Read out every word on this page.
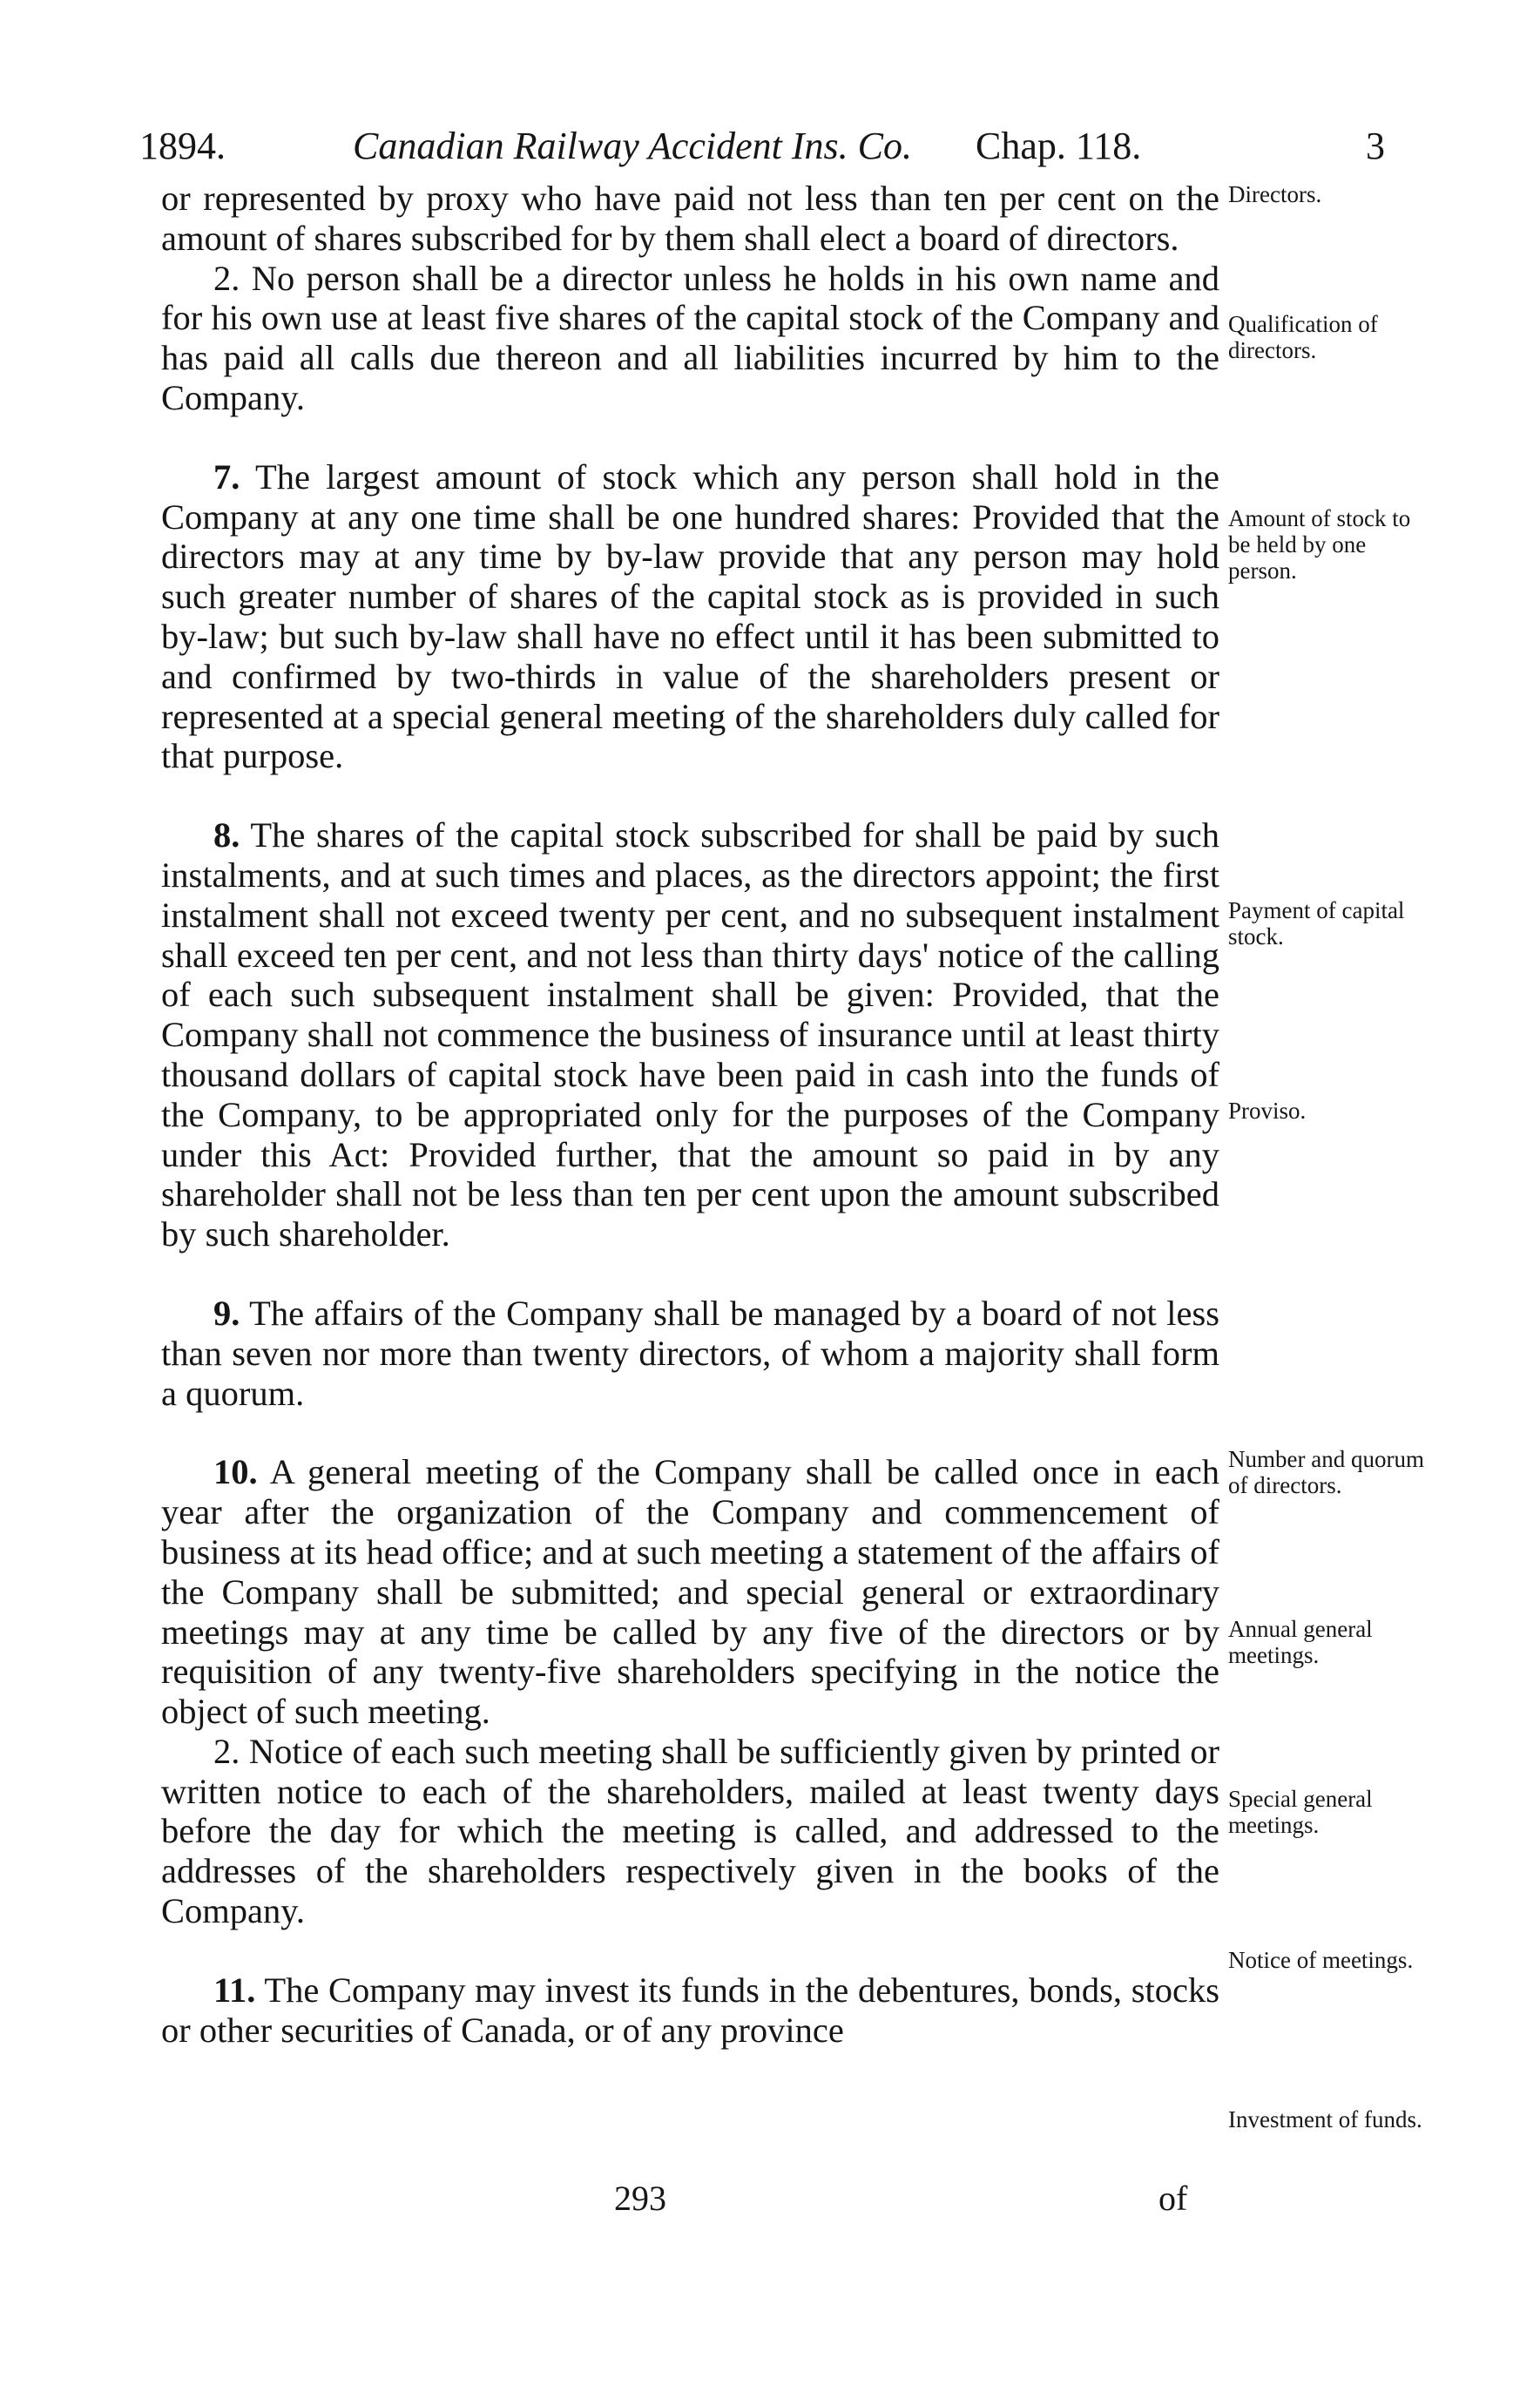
1894.	Canadian Railway Accident Ins. Co. Chap. 118.	3

or represented by proxy who have paid not less than ten per cent on the amount of shares subscribed for by them shall elect a board of directors.

2. No person shall be a director unless he holds in his own name and for his own use at least five shares of the capital stock of the Company and has paid all calls due thereon and all liabilities incurred by him to the Company.

7. The largest amount of stock which any person shall hold in the Company at any one time shall be one hundred shares: Provided that the directors may at any time by by-law provide that any person may hold such greater number of shares of the capital stock as is provided in such by-law; but such by-law shall have no effect until it has been submitted to and confirmed by two-thirds in value of the shareholders present or represented at a special general meeting of the shareholders duly called for that purpose.

8. The shares of the capital stock subscribed for shall be paid by such instalments, and at such times and places, as the directors appoint; the first instalment shall not exceed twenty per cent, and no subsequent instalment shall exceed ten per cent, and not less than thirty days' notice of the calling of each such subsequent instalment shall be given: Provided, that the Company shall not commence the business of insurance until at least thirty thousand dollars of capital stock have been paid in cash into the funds of the Company, to be appropriated only for the purposes of the Company under this Act: Provided further, that the amount so paid in by any shareholder shall not be less than ten per cent upon the amount subscribed by such shareholder.

9. The affairs of the Company shall be managed by a board of not less than seven nor more than twenty directors, of whom a majority shall form a quorum.

10. A general meeting of the Company shall be called once in each year after the organization of the Company and commencement of business at its head office; and at such meeting a statement of the affairs of the Company shall be submitted; and special general or extraordinary meetings may at any time be called by any five of the directors or by requisition of any twenty-five shareholders specifying in the notice the object of such meeting.

2. Notice of each such meeting shall be sufficiently given by printed or written notice to each of the shareholders, mailed at least twenty days before the day for which the meeting is called, and addressed to the addresses of the shareholders respectively given in the books of the Company.

11. The Company may invest its funds in the debentures, bonds, stocks or other securities of Canada, or of any province

Directors.
Qualification of directors.
Amount of stock to be held by one person.
Payment of capital stock.
Proviso.
Number and quorum of directors.
Annual general meetings.
Special general meetings.
Notice of meetings.
Investment of funds.
293	of
